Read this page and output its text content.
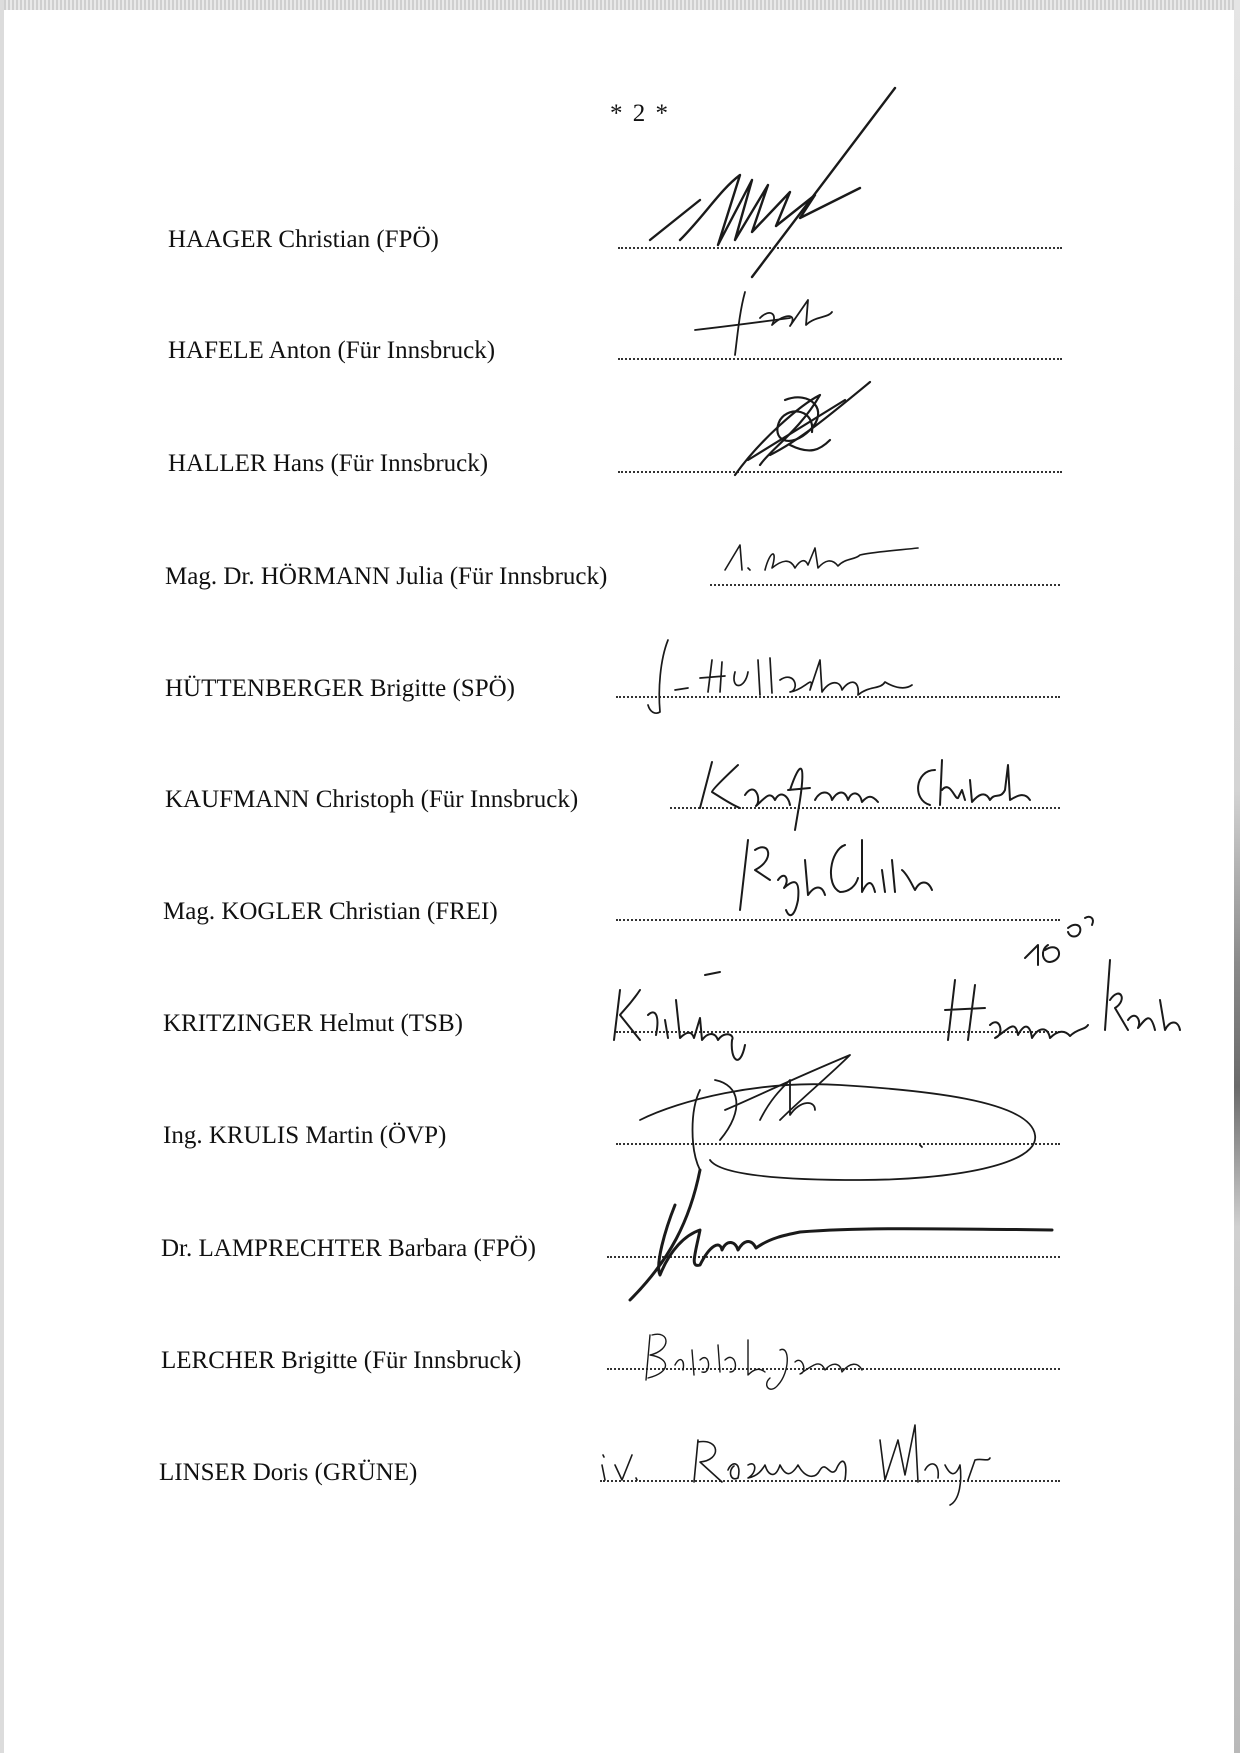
* 2 *
HAAGER Christian (FPÖ)
HAFELE Anton (Für Innsbruck)
HALLER Hans (Für Innsbruck)
Mag. Dr. HÖRMANN Julia (Für Innsbruck)
HÜTTENBERGER Brigitte (SPÖ)
KAUFMANN Christoph (Für Innsbruck)
Mag. KOGLER Christian (FREI)
KRITZINGER Helmut (TSB)
Ing. KRULIS Martin (ÖVP)
Dr. LAMPRECHTER Barbara (FPÖ)
LERCHER Brigitte (Für Innsbruck)
LINSER Doris (GRÜNE)
